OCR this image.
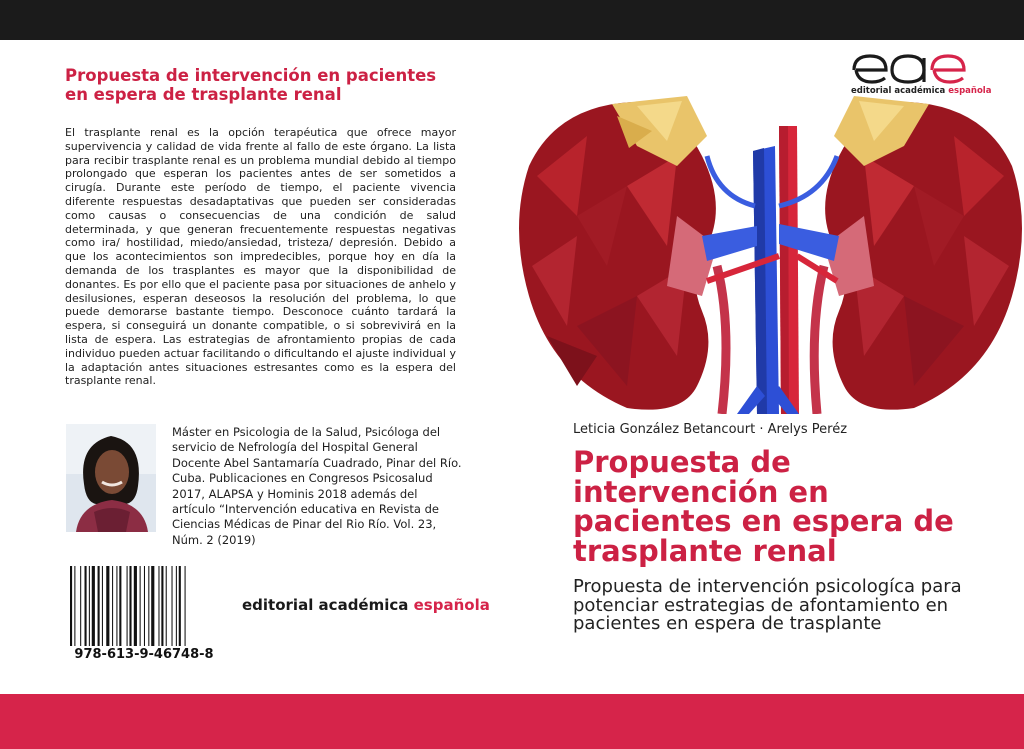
Propuesta de intervención en pacientes en espera de trasplante renal

El trasplante renal es la opción terapéutica que ofrece mayor supervivencia y calidad de vida frente al fallo de este órgano. La lista para recibir trasplante renal es un problema mundial debido al tiempo prolongado que esperan los pacientes antes de ser sometidos a cirugía. Durante este período de tiempo, el paciente vivencia diferente respuestas desadaptativas que pueden ser consideradas como causas o consecuencias de una condición de salud determinada, y que generan frecuentemente respuestas negativas como ira/ hostilidad, miedo/ansiedad, tristeza/ depresión. Debido a que los acontecimientos son impredecibles, porque hoy en día la demanda de los trasplantes es mayor que la disponibilidad de donantes. Es por ello que el paciente pasa por situaciones de anhelo y desilusiones, esperan deseosos la resolución del problema, lo que puede demorarse bastante tiempo. Desconoce cuánto tardará la espera, si conseguirá un donante compatible, o si sobrevivirá en la lista de espera. Las estrategias de afrontamiento propias de cada individuo pueden actuar facilitando o dificultando el ajuste individual y la adaptación antes situaciones estresantes como es la espera del trasplante renal.

Máster en Psicologia de la Salud, Psicóloga del servicio de Nefrología del Hospital General Docente Abel Santamaría Cuadrado, Pinar del Río. Cuba. Publicaciones en Congresos Psicosalud 2017, ALAPSA y Hominis 2018 además del artículo “Intervención educativa en Revista de Ciencias Médicas de Pinar del Rio Río. Vol. 23, Núm. 2 (2019)

978-613-9-46748-8
editorial académica española
editorial académica española
Leticia González Betancourt · Arelys Peréz
Propuesta de intervención en pacientes en espera de trasplante renal

Propuesta de intervención psicologíca para potenciar estrategias de afontamiento en pacientes en espera de trasplante
